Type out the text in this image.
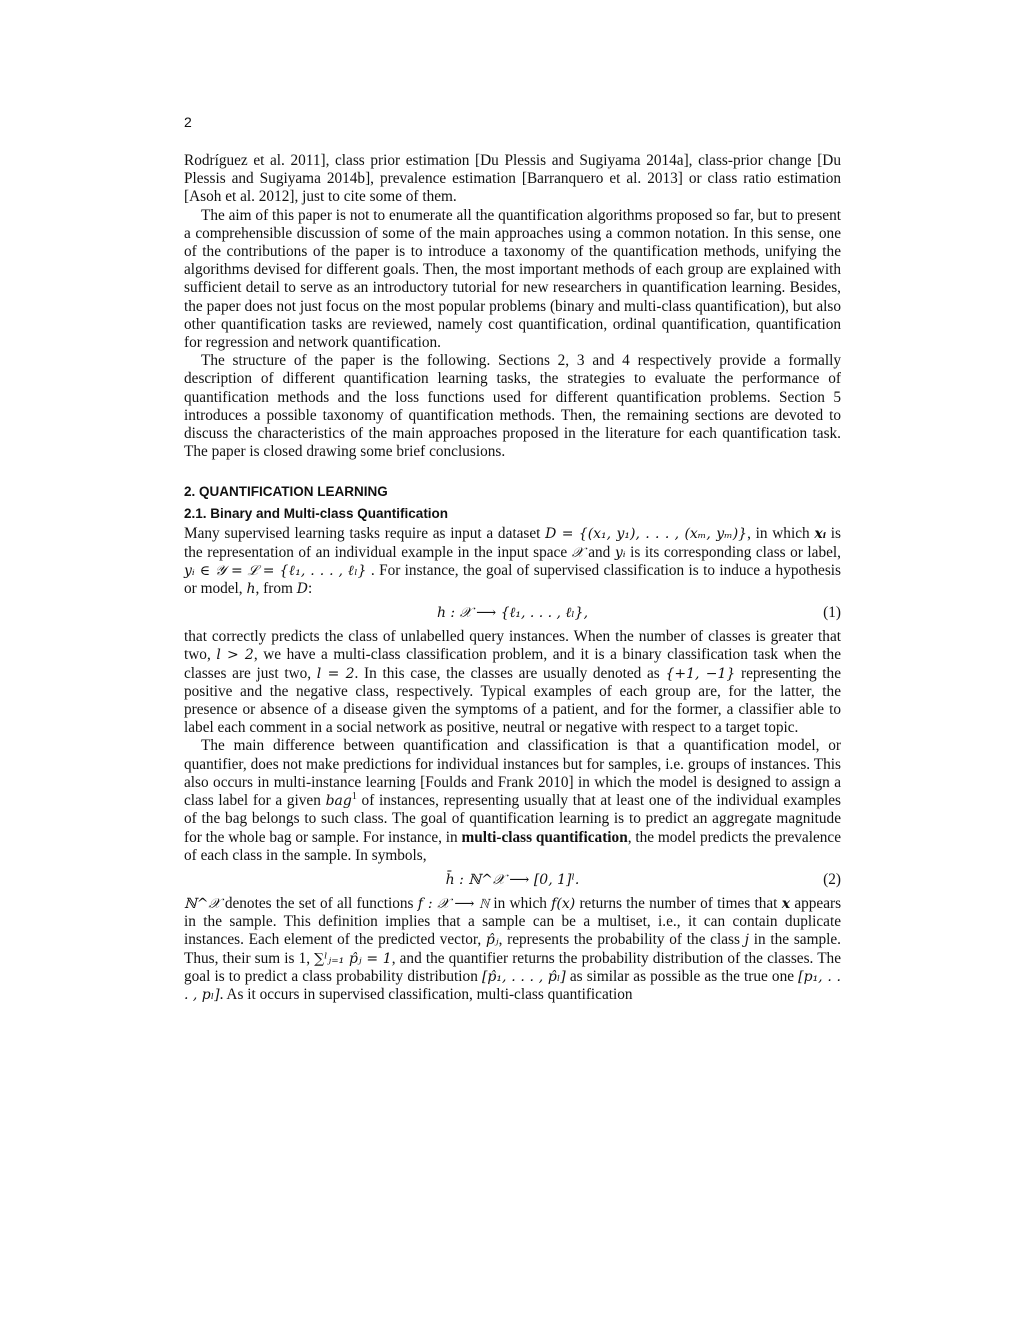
2

Rodríguez et al. 2011], class prior estimation [Du Plessis and Sugiyama 2014a], class-prior change [Du Plessis and Sugiyama 2014b], prevalence estimation [Barranquero et al. 2013] or class ratio estimation [Asoh et al. 2012], just to cite some of them.

The aim of this paper is not to enumerate all the quantification algorithms proposed so far, but to present a comprehensible discussion of some of the main approaches using a common notation. In this sense, one of the contributions of the paper is to introduce a taxonomy of the quantification methods, unifying the algorithms devised for different goals. Then, the most important methods of each group are explained with sufficient detail to serve as an introductory tutorial for new researchers in quantification learning. Besides, the paper does not just focus on the most popular problems (binary and multi-class quantification), but also other quantification tasks are reviewed, namely cost quantification, ordinal quantification, quantification for regression and network quantification.

The structure of the paper is the following. Sections 2, 3 and 4 respectively provide a formally description of different quantification learning tasks, the strategies to evaluate the performance of quantification methods and the loss functions used for different quantification problems. Section 5 introduces a possible taxonomy of quantification methods. Then, the remaining sections are devoted to discuss the characteristics of the main approaches proposed in the literature for each quantification task. The paper is closed drawing some brief conclusions.

2. QUANTIFICATION LEARNING
2.1. Binary and Multi-class Quantification

Many supervised learning tasks require as input a dataset D = {(x₁, y₁), . . . , (xₘ, yₘ)}, in which xᵢ is the representation of an individual example in the input space 𝒳 and yᵢ is its corresponding class or label, yᵢ ∈ 𝒴 = ℒ = {ℓ₁, . . . , ℓₗ} . For instance, the goal of supervised classification is to induce a hypothesis or model, h, from D:

h : 𝒳 ⟶ {ℓ₁, . . . , ℓₗ},	(1)

that correctly predicts the class of unlabelled query instances. When the number of classes is greater that two, l > 2, we have a multi-class classification problem, and it is a binary classification task when the classes are just two, l = 2. In this case, the classes are usually denoted as {+1, −1} representing the positive and the negative class, respectively. Typical examples of each group are, for the latter, the presence or absence of a disease given the symptoms of a patient, and for the former, a classifier able to label each comment in a social network as positive, neutral or negative with respect to a target topic.

The main difference between quantification and classification is that a quantification model, or quantifier, does not make predictions for individual instances but for samples, i.e. groups of instances. This also occurs in multi-instance learning [Foulds and Frank 2010] in which the model is designed to assign a class label for a given bag$^1$ of instances, representing usually that at least one of the individual examples of the bag belongs to such class. The goal of quantification learning is to predict an aggregate magnitude for the whole bag or sample. For instance, in multi-class quantification, the model predicts the prevalence of each class in the sample. In symbols,

h̄ : ℕ^𝒳 ⟶ [0, 1]ˡ.	(2)

ℕ^𝒳 denotes the set of all functions f : 𝒳 ⟶ ℕ in which f(x) returns the number of times that x appears in the sample. This definition implies that a sample can be a multiset, i.e., it can contain duplicate instances. Each element of the predicted vector, p̂ⱼ, represents the probability of the class j in the sample. Thus, their sum is 1, ∑ˡⱼ₌₁ p̂ⱼ = 1, and the quantifier returns the probability distribution of the classes. The goal is to predict a class probability distribution [p̂₁, . . . , p̂ₗ] as similar as possible as the true one [p₁, . . . , pₗ]. As it occurs in supervised classification, multi-class quantification
